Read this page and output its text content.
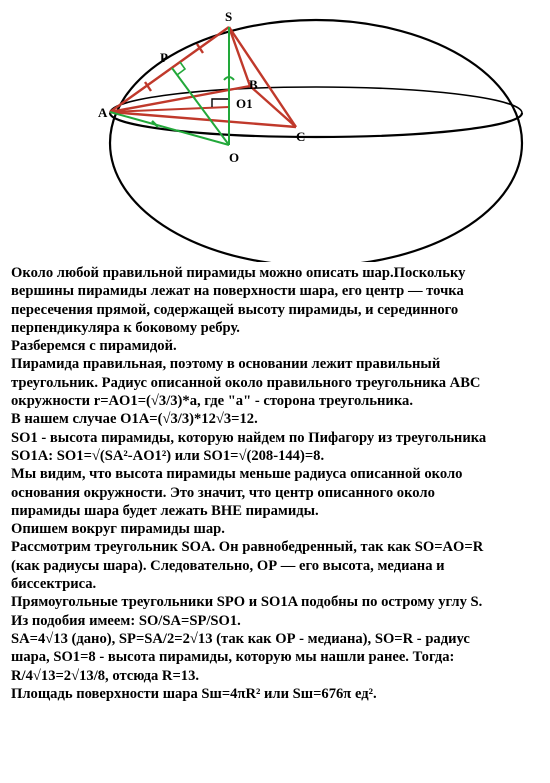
S
P
B
A
O1
C
O
Около любой правильной пирамиды можно описать шар.Поскольку
вершины пирамиды лежат на поверхности шара, его центр — точка
пересечения прямой, содержащей высоту пирамиды, и серединного
перпендикуляра к боковому ребру.
Разберемся с пирамидой.
Пирамида правильная, поэтому в основании лежит правильный
треугольник. Радиус описанной около правильного треугольника АВС
окружности r=AO1=(√3/3)*a, где "a" - сторона треугольника.
В нашем случае O1A=(√3/3)*12√3=12.
SO1 - высота пирамиды, которую найдем по Пифагору из треугольника
SO1A: SO1=√(SA²-AO1²) или SO1=√(208-144)=8.
Мы видим, что высота пирамиды меньше радиуса описанной около
основания окружности. Это значит, что центр описанного около
пирамиды шара будет лежать ВНЕ пирамиды.
Опишем вокруг пирамиды шар.
Рассмотрим треугольник SOA. Он равнобедренный, так как SO=AO=R
(как радиусы шара). Следовательно, ОР — его высота, медиана и
биссектриса.
Прямоугольные треугольники SPO и SO1A подобны по острому углу S.
Из подобия имеем: SO/SA=SP/SO1.
SA=4√13 (дано), SP=SA/2=2√13 (так как ОР - медиана), SO=R - радиус
шара, SO1=8 - высота пирамиды, которую мы нашли ранее. Тогда:
R/4√13=2√13/8, отсюда R=13.
Площадь поверхности шара Sш=4πR² или Sш=676π ед².
